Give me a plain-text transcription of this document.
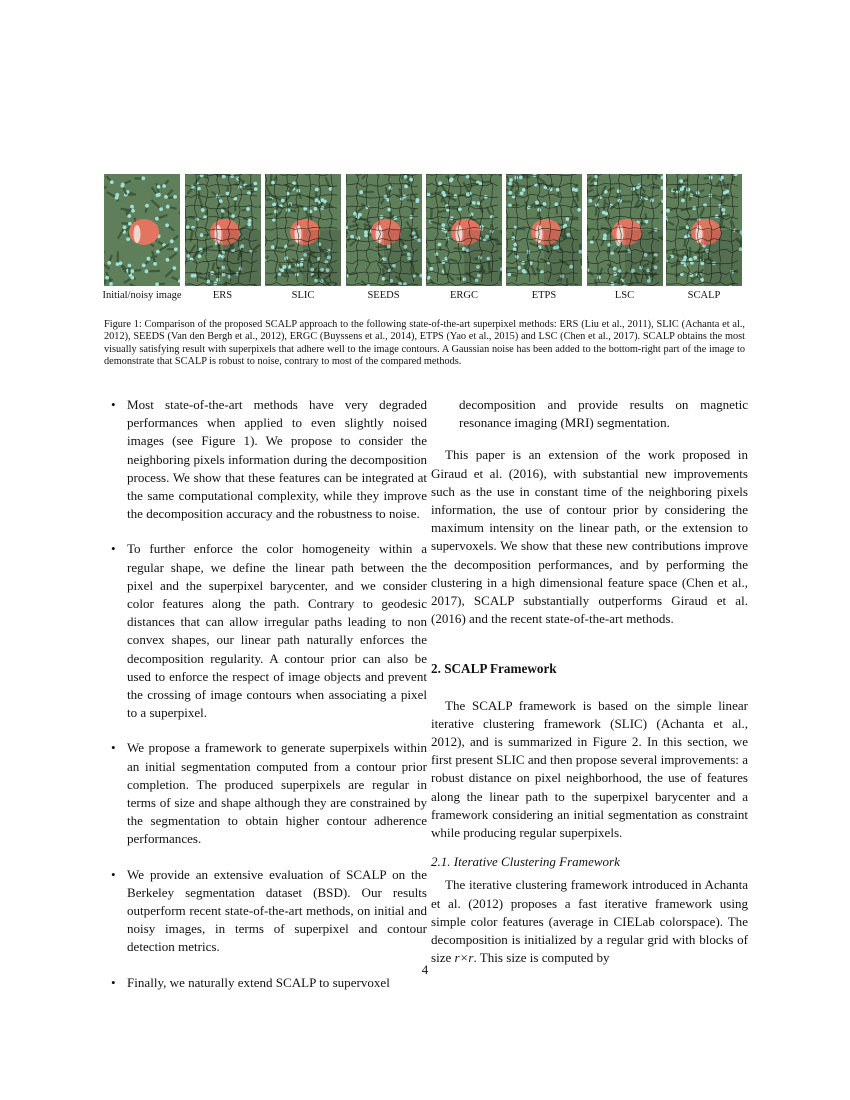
Initial/noisy image	ERS	SLIC	SEEDS	ERGC	ETPS	LSC	SCALP
Figure 1: Comparison of the proposed SCALP approach to the following state-of-the-art superpixel methods: ERS (Liu et al., 2011), SLIC (Achanta et al., 2012), SEEDS (Van den Bergh et al., 2012), ERGC (Buyssens et al., 2014), ETPS (Yao et al., 2015) and LSC (Chen et al., 2017). SCALP obtains the most visually satisfying result with superpixels that adhere well to the image contours. A Gaussian noise has been added to the bottom-right part of the image to demonstrate that SCALP is robust to noise, contrary to most of the compared methods.
• Most state-of-the-art methods have very degraded performances when applied to even slightly noised images (see Figure 1). We propose to consider the neighboring pixels information during the decomposition process. We show that these features can be integrated at the same computational complexity, while they improve the decomposition accuracy and the robustness to noise.
• To further enforce the color homogeneity within a regular shape, we define the linear path between the pixel and the superpixel barycenter, and we consider color features along the path. Contrary to geodesic distances that can allow irregular paths leading to non convex shapes, our linear path naturally enforces the decomposition regularity. A contour prior can also be used to enforce the respect of image objects and prevent the crossing of image contours when associating a pixel to a superpixel.
• We propose a framework to generate superpixels within an initial segmentation computed from a contour prior completion. The produced superpixels are regular in terms of size and shape although they are constrained by the segmentation to obtain higher contour adherence performances.
• We provide an extensive evaluation of SCALP on the Berkeley segmentation dataset (BSD). Our results outperform recent state-of-the-art methods, on initial and noisy images, in terms of superpixel and contour detection metrics.
• Finally, we naturally extend SCALP to supervoxel

decomposition and provide results on magnetic resonance imaging (MRI) segmentation.

This paper is an extension of the work proposed in Giraud et al. (2016), with substantial new improvements such as the use in constant time of the neighboring pixels information, the use of contour prior by considering the maximum intensity on the linear path, or the extension to supervoxels. We show that these new contributions improve the decomposition performances, and by performing the clustering in a high dimensional feature space (Chen et al., 2017), SCALP substantially outperforms Giraud et al. (2016) and the recent state-of-the-art methods.

2. SCALP Framework

The SCALP framework is based on the simple linear iterative clustering framework (SLIC) (Achanta et al., 2012), and is summarized in Figure 2. In this section, we first present SLIC and then propose several improvements: a robust distance on pixel neighborhood, the use of features along the linear path to the superpixel barycenter and a framework considering an initial segmentation as constraint while producing regular superpixels.

2.1. Iterative Clustering Framework

The iterative clustering framework introduced in Achanta et al. (2012) proposes a fast iterative framework using simple color features (average in CIELab colorspace). The decomposition is initialized by a regular grid with blocks of size r×r. This size is computed by

4
